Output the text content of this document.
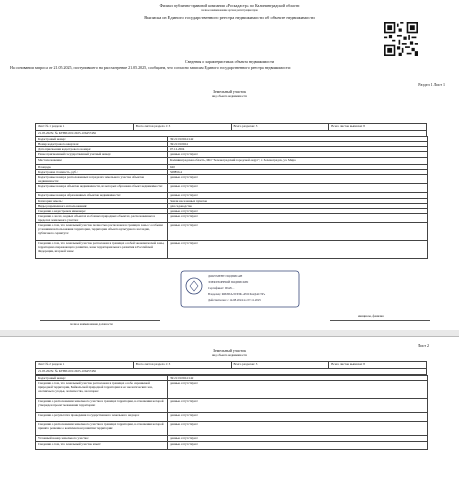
Филиал публично-правовой компании «Роскадастр» по Калининградской области
полное наименование органа регистрации прав
Выписка из Единого государственного реестра недвижимости об объекте недвижимости
Сведения о характеристиках объекта недвижимости
На основании запроса от 21.05.2025, поступившего на рассмотрение 21.05.2025, сообщаем, что согласно записям Единого государственного реестра недвижимости:
Раздел 1 Лист 1
Земельный участок
вид объекта недвижимости
Лист № 1 раздела 1	Всего листов раздела 1: 3	Всего разделов: 3	Всего листов выписки: 8
21.05.2025г. № КУВИ-001/2025-106457456
Кадастровый номер:	39:21:010024:142
Номер кадастрового квартала:	39:21:010024
Дата присвоения кадастрового номера:	07.12.2004
Ранее присвоенный государственный учетный номер:	данные отсутствуют
Местоположение:	Калининградская область, МО "Зеленоградский городской округ", г. Зеленоградск, ул. Мира
Площадь:	620
Кадастровая стоимость, руб.:	508856.4
Кадастровые номера расположенных в пределах земельного участка объектов недвижимости:	данные отсутствуют
Кадастровые номера объектов недвижимости, из которых образован объект недвижимости:	данные отсутствуют
Кадастровые номера образованных объектов недвижимости:	данные отсутствуют
Категория земель:	Земли населенных пунктов
Виды разрешенного использования:	для садоводства
Сведения о кадастровом инженере:	данные отсутствуют
Сведения о лесах, водных объектах и об иных природных объектах, расположенных в пределах земельного участка:	данные отсутствуют
Сведения о том, что земельный участок полностью расположен в границах зоны с особыми условиями использования территории, территории объекта культурного наследия, публичного сервитута:	данные отсутствуют
Сведения о том, что земельный участок расположен в границах особой экономической зоны, территории опережающего развития, зоны территориального развития в Российской Федерации, игорной зоны:	данные отсутствуют
полное наименование должности
ДОКУМЕНТ ПОДПИСАН
ЭЛЕКТРОННОЙ ПОДПИСЬЮ
Сертификат: 00A8…
Владелец: ФИЛИАЛ ППК «РОСКАДАСТР»
Действителен: с 14.08.2024 по 07.11.2025
инициалы, фамилия
Лист 2
Земельный участок
вид объекта недвижимости
Лист № 2 раздела 1	Всего листов раздела 1: 3	Всего разделов: 3	Всего листов выписки: 8
21.05.2025г. № КУВИ-001/2025-106457456
Кадастровый номер:	39:21:010024:142
Сведения о том, что земельный участок расположен в границах особо охраняемой природной территории, Байкальской природной территории и ее экологических зон, охотничьего угодья, лесничества, лесопарка:	данные отсутствуют
Сведения о расположении земельного участка в границах территории, в отношении которой утвержден проект межевания территории:	данные отсутствуют
Сведения о результатах проведения государственного земельного надзора:	данные отсутствуют
Сведения о расположении земельного участка в границах территории, в отношении которой принято решение о комплексном развитии территории:	данные отсутствуют
Условный номер земельного участка:	данные отсутствуют
Сведения о том, что земельный участок изъят:	данные отсутствуют
